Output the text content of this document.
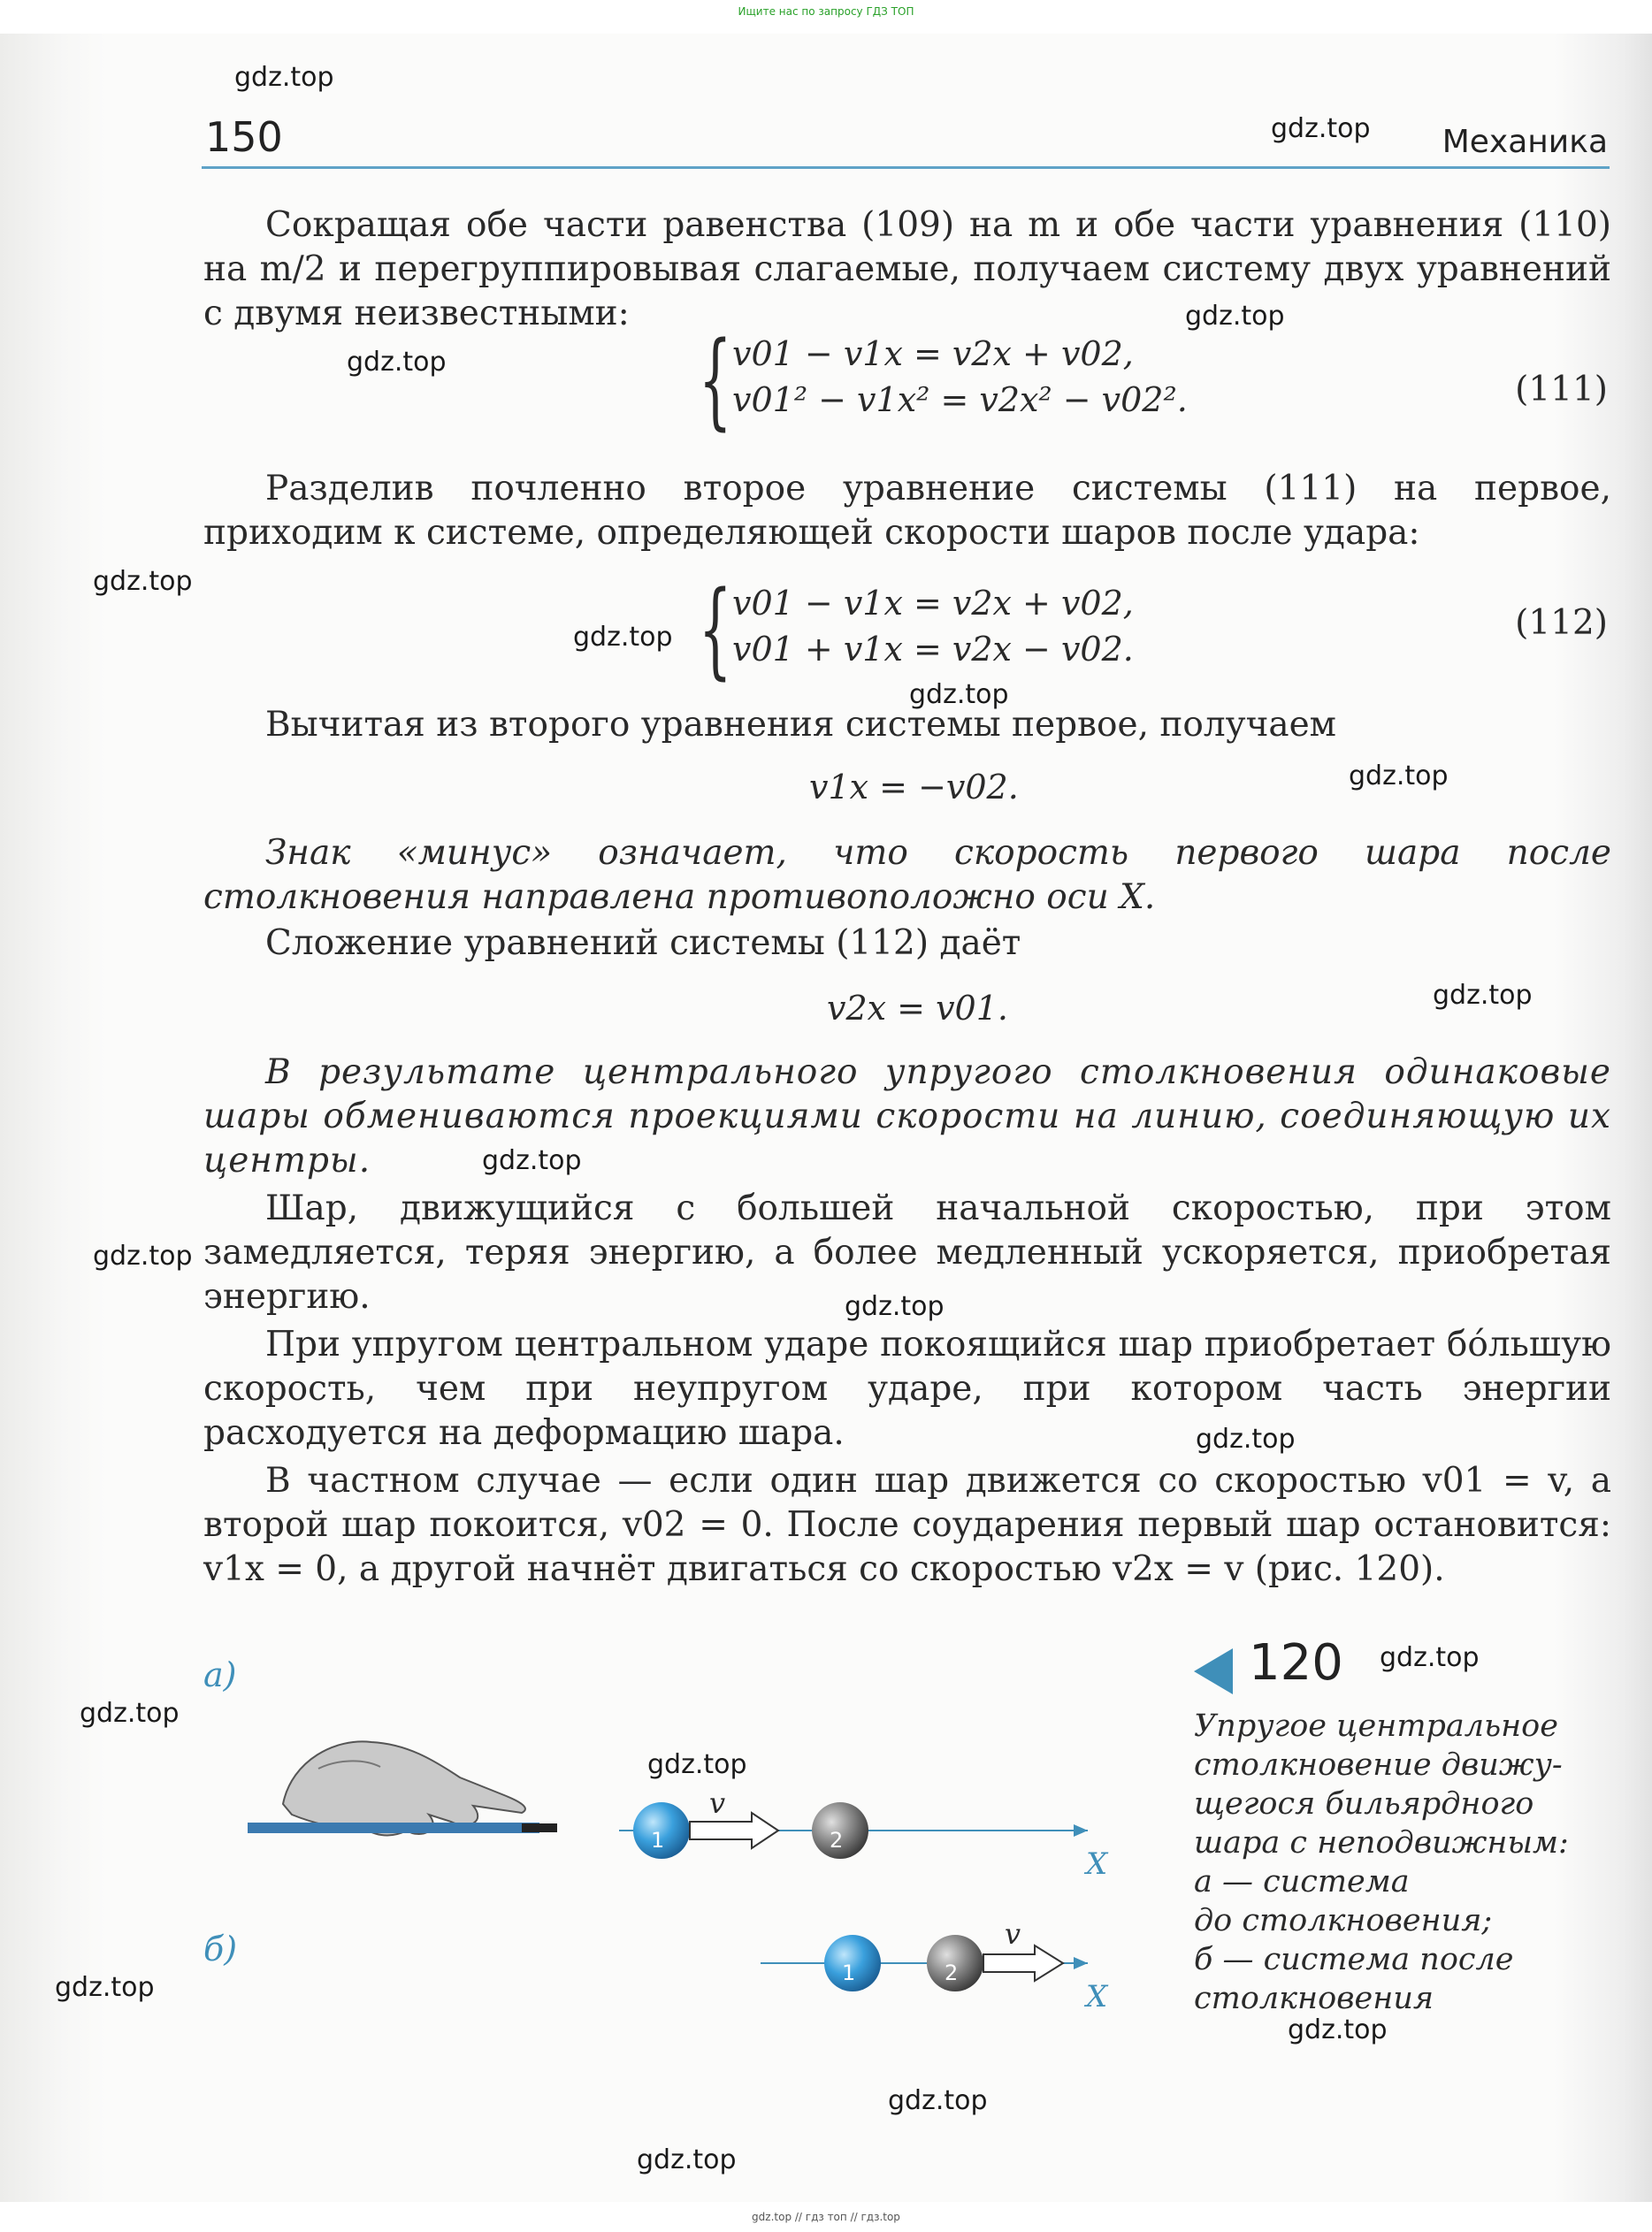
Ищите нас по запросу ГДЗ ТОП
150	Механика
Сокращая обе части равенства (109) на m и обе части уравнения (110) на m/2 и перегруппировывая слагаемые, получаем систему двух уравнений с двумя неизвестными:
{ v01 − v1x = v2x + v02,
v01² − v1x² = v2x² − v02².	(111)
Разделив почленно второе уравнение системы (111) на первое, приходим к системе, определяющей скорости шаров после удара:
{ v01 − v1x = v2x + v02,
v01 + v1x = v2x − v02.
(112)
Вычитая из второго уравнения системы первое, получаем
v1x = −v02.
Знак «минус» означает, что скорость первого шара после столкновения направлена противоположно оси X.
Сложение уравнений системы (112) даёт
v2x = v01.
В результате центрального упругого столкновения одинаковые шары обмениваются проекциями скорости на линию, соединяющую их центры.
Шар, движущийся с большей начальной скоростью, при этом замедляется, теряя энергию, а более медленный ускоряется, приобретая энергию.
При упругом центральном ударе покоящийся шар приобретает бóльшую скорость, чем при неупругом ударе, при котором часть энергии расходуется на деформацию шара.
В частном случае — если один шар движется со скоростью v01 = v, а второй шар покоится, v02 = 0. После соударения первый шар остановится: v1x = 0, а другой начнёт двигаться со скоростью v2x = v (рис. 120).
а)
б)
1	2
1	2
v
v
X
X
120
Упругое центральное
столкновение движу-
щегося бильярдного
шара с неподвижным:
а — система
до столкновения;
б — система после
столкновения
gdz.top
gdz.top
gdz.top
gdz.top
gdz.top
gdz.top
gdz.top
gdz.top
gdz.top
gdz.top
gdz.top
gdz.top
gdz.top
gdz.top
gdz.top
gdz.top
gdz.top
gdz.top
gdz.top
gdz.top
gdz.top // гдз топ // гдз.top
